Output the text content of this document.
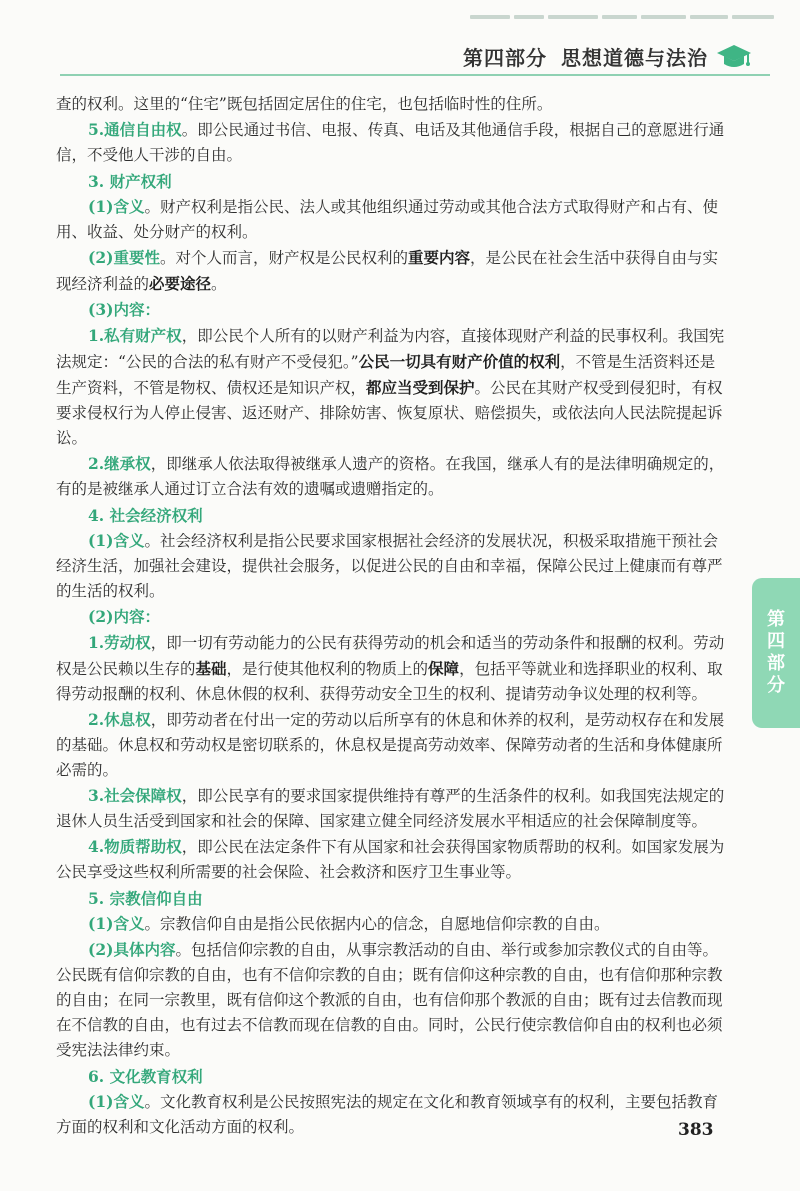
第四部分 思想道德与法治

查的权利。这里的“住宅”既包括固定居住的住宅，也包括临时性的住所。

5.通信自由权。即公民通过书信、电报、传真、电话及其他通信手段，根据自己的意愿进行通信，不受他人干涉的自由。

3. 财产权利

(1)含义。财产权利是指公民、法人或其他组织通过劳动或其他合法方式取得财产和占有、使用、收益、处分财产的权利。

(2)重要性。对个人而言，财产权是公民权利的重要内容，是公民在社会生活中获得自由与实现经济利益的必要途径。

(3)内容：

1.私有财产权，即公民个人所有的以财产利益为内容，直接体现财产利益的民事权利。我国宪法规定：“公民的合法的私有财产不受侵犯。”公民一切具有财产价值的权利，不管是生活资料还是生产资料，不管是物权、债权还是知识产权，都应当受到保护。公民在其财产权受到侵犯时，有权要求侵权行为人停止侵害、返还财产、排除妨害、恢复原状、赔偿损失，或依法向人民法院提起诉讼。

2.继承权，即继承人依法取得被继承人遗产的资格。在我国，继承人有的是法律明确规定的，有的是被继承人通过订立合法有效的遗嘱或遗赠指定的。

4. 社会经济权利

(1)含义。社会经济权利是指公民要求国家根据社会经济的发展状况，积极采取措施干预社会经济生活，加强社会建设，提供社会服务，以促进公民的自由和幸福，保障公民过上健康而有尊严的生活的权利。

(2)内容：

1.劳动权，即一切有劳动能力的公民有获得劳动的机会和适当的劳动条件和报酬的权利。劳动权是公民赖以生存的基础，是行使其他权利的物质上的保障，包括平等就业和选择职业的权利、取得劳动报酬的权利、休息休假的权利、获得劳动安全卫生的权利、提请劳动争议处理的权利等。

2.休息权，即劳动者在付出一定的劳动以后所享有的休息和休养的权利，是劳动权存在和发展的基础。休息权和劳动权是密切联系的，休息权是提高劳动效率、保障劳动者的生活和身体健康所必需的。

3.社会保障权，即公民享有的要求国家提供维持有尊严的生活条件的权利。如我国宪法规定的退休人员生活受到国家和社会的保障、国家建立健全同经济发展水平相适应的社会保障制度等。

4.物质帮助权，即公民在法定条件下有从国家和社会获得国家物质帮助的权利。如国家发展为公民享受这些权利所需要的社会保险、社会救济和医疗卫生事业等。

5. 宗教信仰自由

(1)含义。宗教信仰自由是指公民依据内心的信念，自愿地信仰宗教的自由。

(2)具体内容。包括信仰宗教的自由，从事宗教活动的自由、举行或参加宗教仪式的自由等。公民既有信仰宗教的自由，也有不信仰宗教的自由；既有信仰这种宗教的自由，也有信仰那种宗教的自由；在同一宗教里，既有信仰这个教派的自由，也有信仰那个教派的自由；既有过去信教而现在不信教的自由，也有过去不信教而现在信教的自由。同时，公民行使宗教信仰自由的权利也必须受宪法法律约束。

6. 文化教育权利

(1)含义。文化教育权利是公民按照宪法的规定在文化和教育领域享有的权利，主要包括教育方面的权利和文化活动方面的权利。

第
四
部
分
383
